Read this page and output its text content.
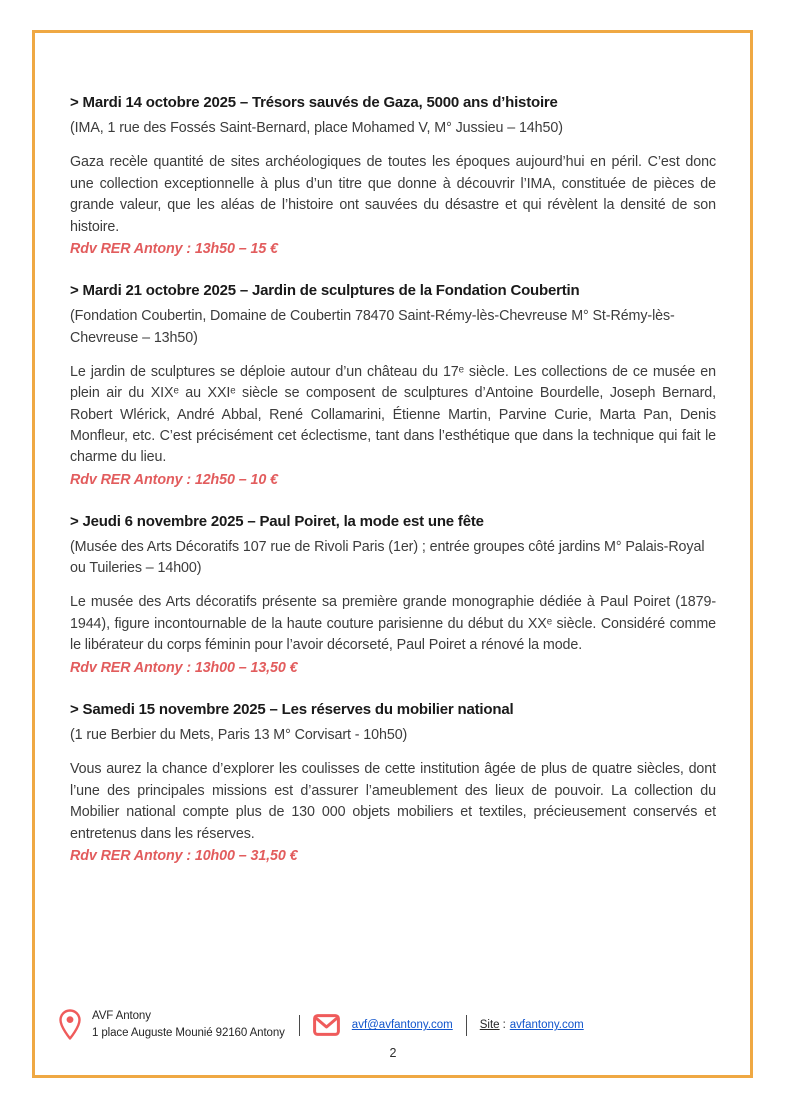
> Mardi 14 octobre 2025 – Trésors sauvés de Gaza, 5000 ans d’histoire

(IMA, 1 rue des Fossés Saint-Bernard, place Mohamed V, M° Jussieu – 14h50)

Gaza recèle quantité de sites archéologiques de toutes les époques aujourd’hui en péril. C’est donc une collection exceptionnelle à plus d’un titre que donne à découvrir l’IMA, constituée de pièces de grande valeur, que les aléas de l’histoire ont sauvées du désastre et qui révèlent la densité de son histoire.

Rdv RER Antony : 13h50 – 15 €

> Mardi 21 octobre 2025 – Jardin de sculptures de la Fondation Coubertin

(Fondation Coubertin, Domaine de Coubertin 78470 Saint-Rémy-lès-Chevreuse M° St-Rémy-lès-Chevreuse – 13h50)

Le jardin de sculptures se déploie autour d’un château du 17ᵉ siècle. Les collections de ce musée en plein air du XIXᵉ au XXIᵉ siècle se composent de sculptures d’Antoine Bourdelle, Joseph Bernard, Robert Wlérick, André Abbal, René Collamarini, Étienne Martin, Parvine Curie, Marta Pan, Denis Monfleur, etc. C’est précisément cet éclectisme, tant dans l’esthétique que dans la technique qui fait le charme du lieu.

Rdv RER Antony : 12h50 – 10 €

> Jeudi 6 novembre 2025 – Paul Poiret, la mode est une fête

(Musée des Arts Décoratifs 107 rue de Rivoli Paris (1er) ; entrée groupes côté jardins M° Palais-Royal ou Tuileries – 14h00)

Le musée des Arts décoratifs présente sa première grande monographie dédiée à Paul Poiret (1879-1944), figure incontournable de la haute couture parisienne du début du XXᵉ siècle. Considéré comme le libérateur du corps féminin pour l’avoir décorseté, Paul Poiret a rénové la mode.

Rdv RER Antony : 13h00 – 13,50 €

> Samedi 15 novembre 2025 – Les réserves du mobilier national

(1 rue Berbier du Mets, Paris 13 M° Corvisart - 10h50)

Vous aurez la chance d’explorer les coulisses de cette institution âgée de plus de quatre siècles, dont l’une des principales missions est d’assurer l’ameublement des lieux de pouvoir. La collection du Mobilier national compte plus de 130 000 objets mobiliers et textiles, précieusement conservés et entretenus dans les réserves.

Rdv RER Antony : 10h00 – 31,50 €

AVF Antony
1 place Auguste Mounié 92160 Antony
avf@avfantony.com Site : avfantony.com
2
